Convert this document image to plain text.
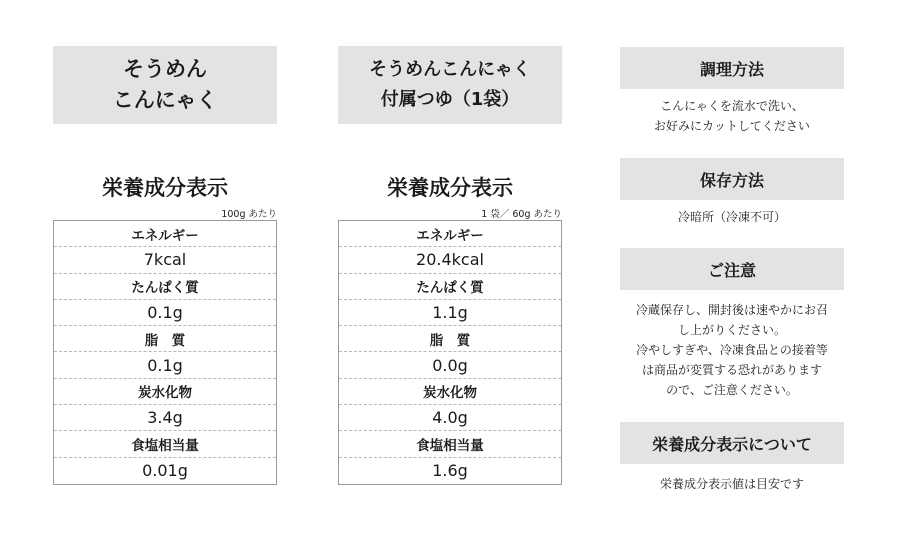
そうめん
こんにゃく
栄養成分表示
100g あたり
エネルギー
7kcal
たんぱく質
0.1g
脂　質
0.1g
炭水化物
3.4g
食塩相当量
0.01g
そうめんこんにゃく
付属つゆ（1袋）
栄養成分表示
1 袋／ 60g あたり
エネルギー
20.4kcal
たんぱく質
1.1g
脂　質
0.0g
炭水化物
4.0g
食塩相当量
1.6g
調理方法
こんにゃくを流水で洗い、
お好みにカットしてください
保存方法
冷暗所（冷凍不可）
ご注意
冷蔵保存し、開封後は速やかにお召
し上がりください。
冷やしすぎや、冷凍食品との接着等
は商品が変質する恐れがあります
ので、ご注意ください。
栄養成分表示について
栄養成分表示値は目安です
